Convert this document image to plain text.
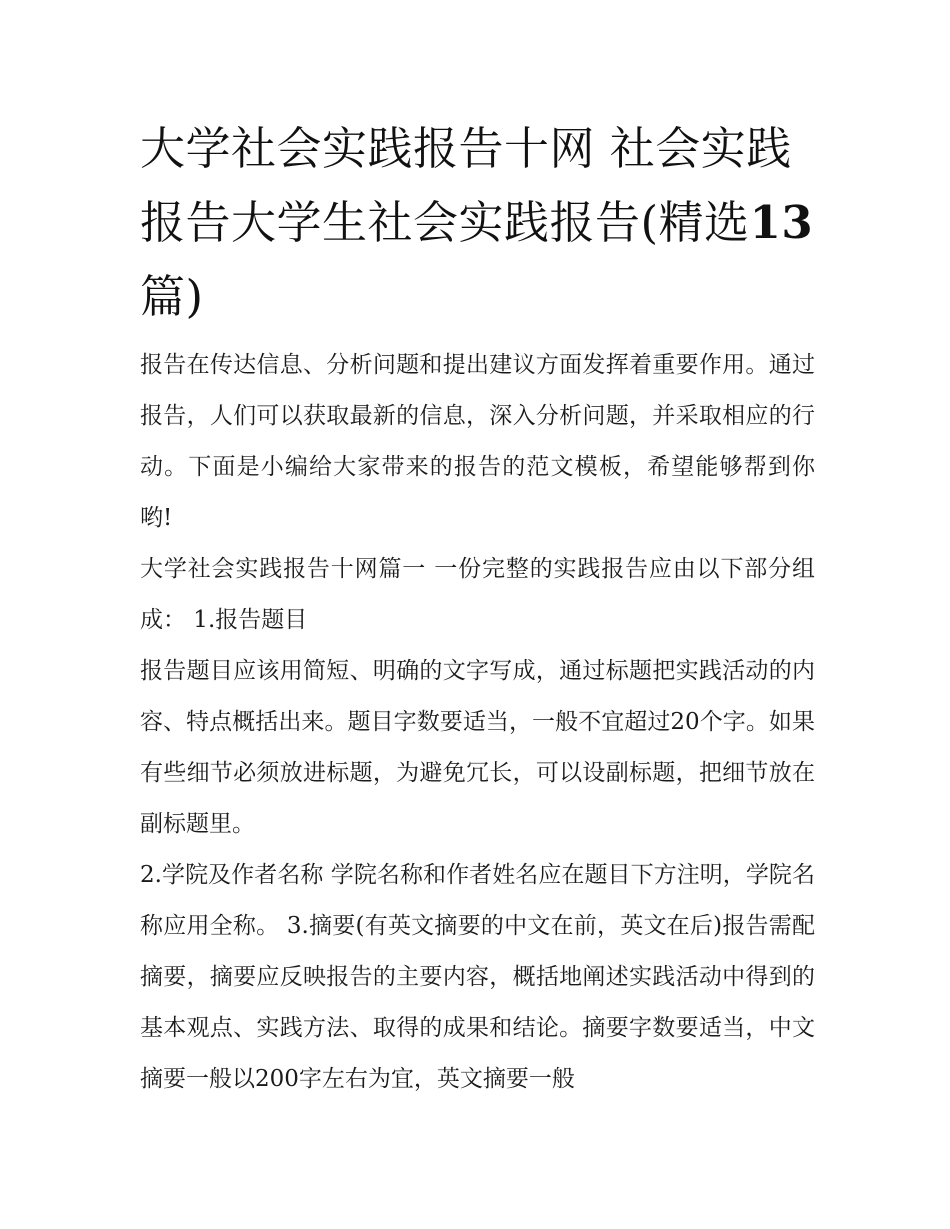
大学社会实践报告十网 社会实践报告大学生社会实践报告(精选13篇)

报告在传达信息、分析问题和提出建议方面发挥着重要作用。通过报告，人们可以获取最新的信息，深入分析问题，并采取相应的行动。下面是小编给大家带来的报告的范文模板，希望能够帮到你哟!

大学社会实践报告十网篇一 一份完整的实践报告应由以下部分组成： 1.报告题目

报告题目应该用简短、明确的文字写成，通过标题把实践活动的内容、特点概括出来。题目字数要适当，一般不宜超过20个字。如果有些细节必须放进标题，为避免冗长，可以设副标题，把细节放在副标题里。

2.学院及作者名称 学院名称和作者姓名应在题目下方注明，学院名称应用全称。 3.摘要(有英文摘要的中文在前，英文在后)报告需配摘要，摘要应反映报告的主要内容，概括地阐述实践活动中得到的基本观点、实践方法、取得的成果和结论。摘要字数要适当，中文摘要一般以200字左右为宜，英文摘要一般
